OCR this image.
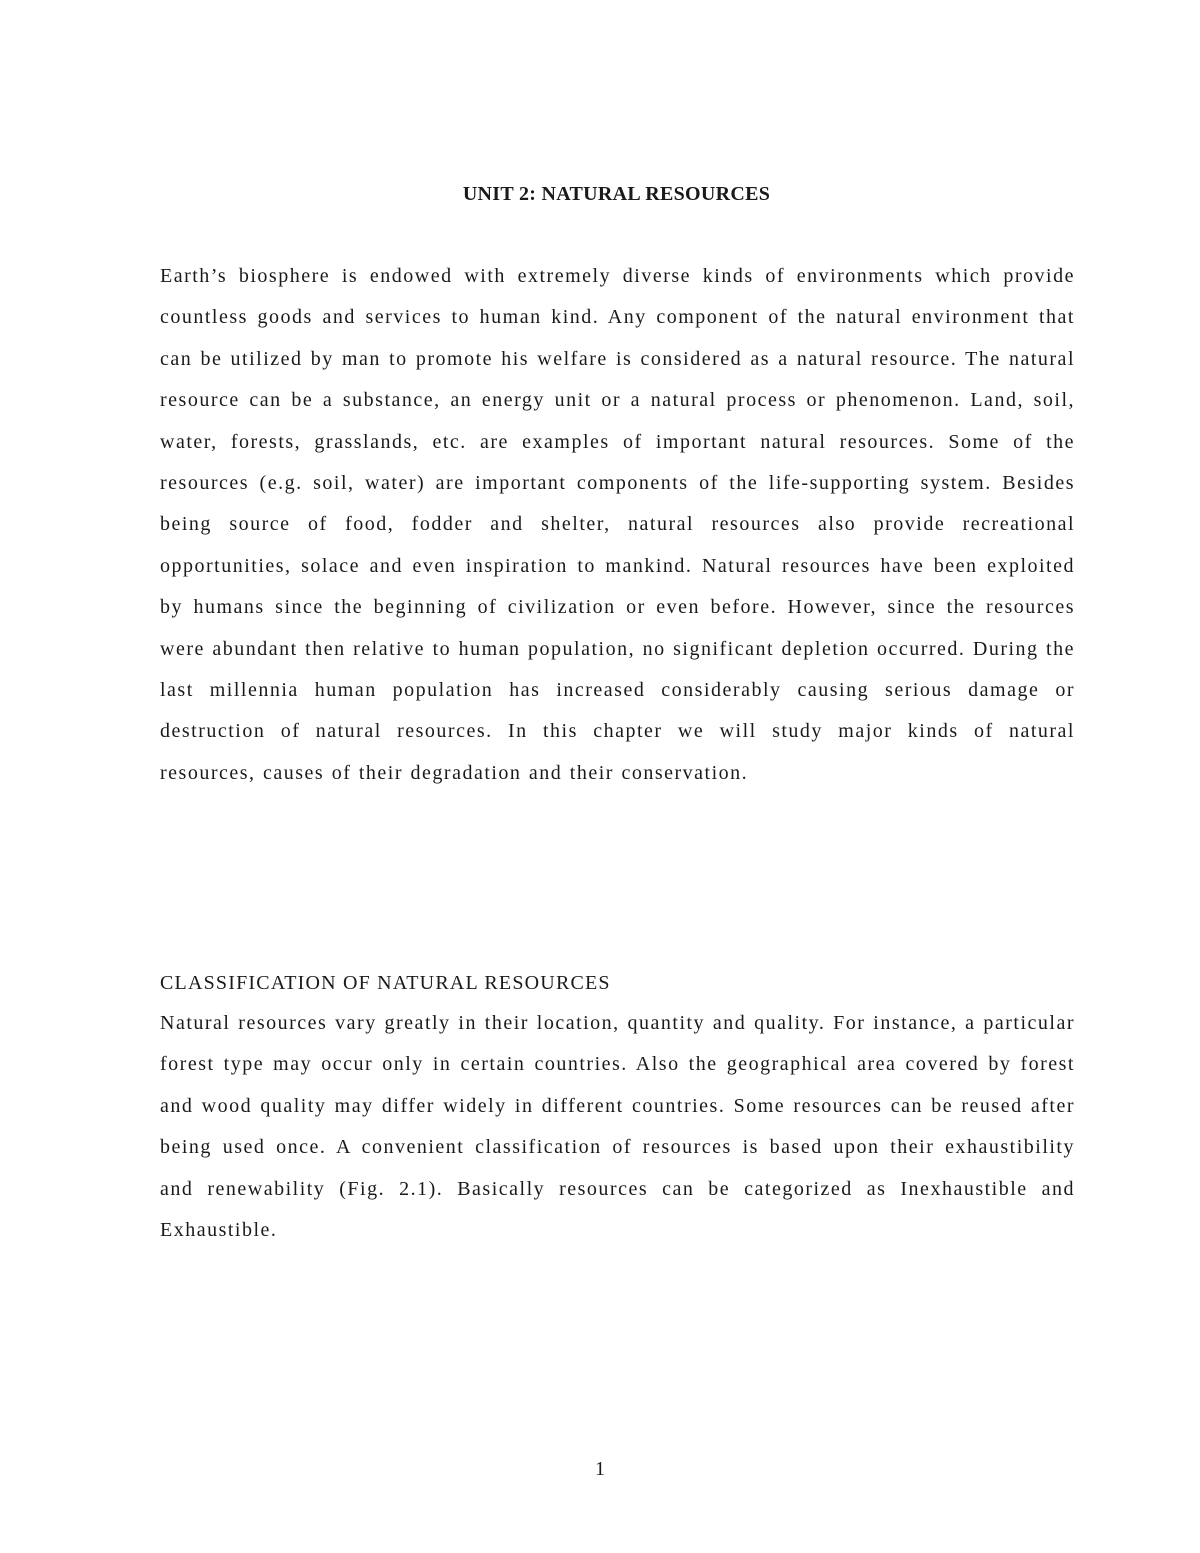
UNIT 2: NATURAL RESOURCES

Earth’s biosphere is endowed with extremely diverse kinds of environments which provide countless goods and services to human kind. Any component of the natural environment that can be utilized by man to promote his welfare is considered as a natural resource. The natural resource can be a substance, an energy unit or a natural process or phenomenon. Land, soil, water, forests, grasslands, etc. are examples of important natural resources. Some of the resources (e.g. soil, water) are important components of the life-supporting system. Besides being source of food, fodder and shelter, natural resources also provide recreational opportunities, solace and even inspiration to mankind. Natural resources have been exploited by humans since the beginning of civilization or even before. However, since the resources were abundant then relative to human population, no significant depletion occurred. During the last millennia human population has increased considerably causing serious damage or destruction of natural resources. In this chapter we will study major kinds of natural resources, causes of their degradation and their conservation.

CLASSIFICATION OF NATURAL RESOURCES

Natural resources vary greatly in their location, quantity and quality. For instance, a particular forest type may occur only in certain countries. Also the geographical area covered by forest and wood quality may differ widely in different countries. Some resources can be reused after being used once. A convenient classification of resources is based upon their exhaustibility and renewability (Fig. 2.1). Basically resources can be categorized as Inexhaustible and Exhaustible.

1
